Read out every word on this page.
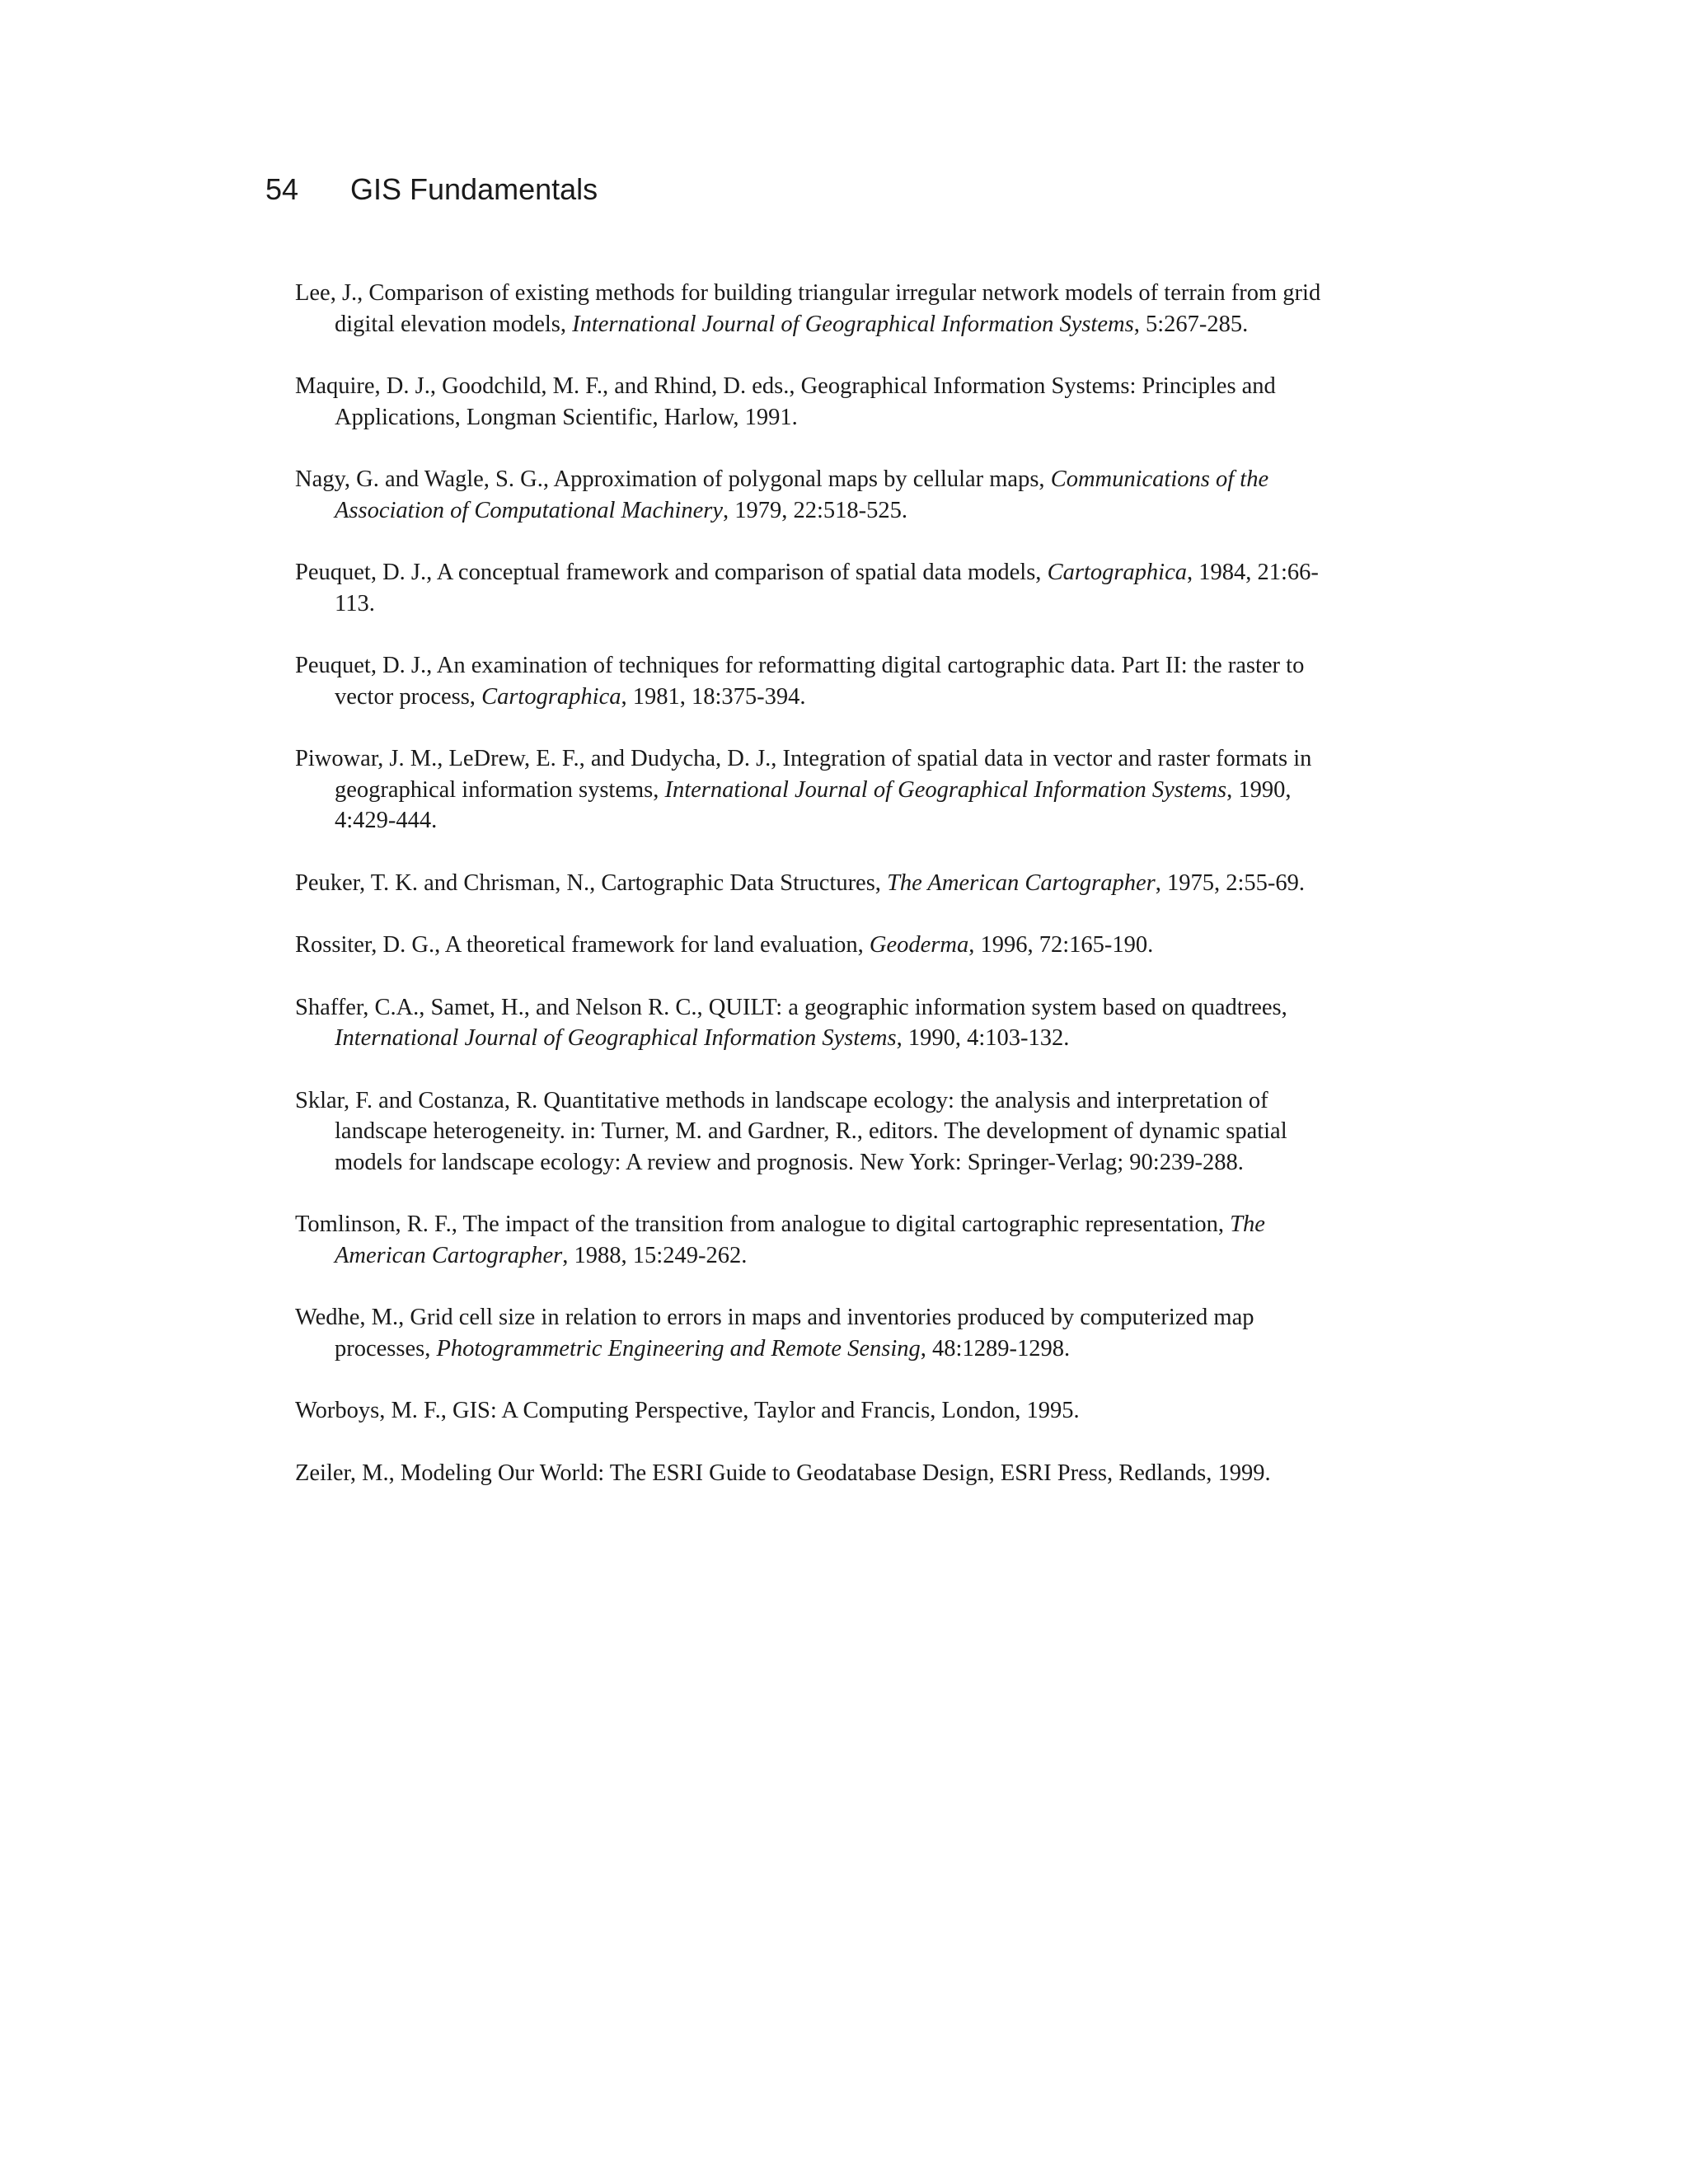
54 GIS Fundamentals
Lee, J., Comparison of existing methods for building triangular irregular network models of terrain from grid digital elevation models, International Journal of Geographical Information Systems, 5:267-285.
Maquire, D. J., Goodchild, M. F., and Rhind, D. eds., Geographical Information Systems: Principles and Applications, Longman Scientific, Harlow, 1991.
Nagy, G. and Wagle, S. G., Approximation of polygonal maps by cellular maps, Communications of the Association of Computational Machinery, 1979, 22:518-525.
Peuquet, D. J., A conceptual framework and comparison of spatial data models, Cartographica, 1984, 21:66-113.
Peuquet, D. J., An examination of techniques for reformatting digital cartographic data. Part II: the raster to vector process, Cartographica, 1981, 18:375-394.
Piwowar, J. M., LeDrew, E. F., and Dudycha, D. J., Integration of spatial data in vector and raster formats in geographical information systems, International Journal of Geographical Information Systems, 1990, 4:429-444.
Peuker, T. K. and Chrisman, N., Cartographic Data Structures, The American Cartographer, 1975, 2:55-69.
Rossiter, D. G., A theoretical framework for land evaluation, Geoderma, 1996, 72:165-190.
Shaffer, C.A., Samet, H., and Nelson R. C., QUILT: a geographic information system based on quadtrees, International Journal of Geographical Information Systems, 1990, 4:103-132.
Sklar, F. and Costanza, R. Quantitative methods in landscape ecology: the analysis and interpretation of landscape heterogeneity. in: Turner, M. and Gardner, R., editors. The development of dynamic spatial models for landscape ecology: A review and prognosis. New York: Springer-Verlag; 90:239-288.
Tomlinson, R. F., The impact of the transition from analogue to digital cartographic representation, The American Cartographer, 1988, 15:249-262.
Wedhe, M., Grid cell size in relation to errors in maps and inventories produced by computerized map processes, Photogrammetric Engineering and Remote Sensing, 48:1289-1298.
Worboys, M. F., GIS: A Computing Perspective, Taylor and Francis, London, 1995.
Zeiler, M., Modeling Our World: The ESRI Guide to Geodatabase Design, ESRI Press, Redlands, 1999.
